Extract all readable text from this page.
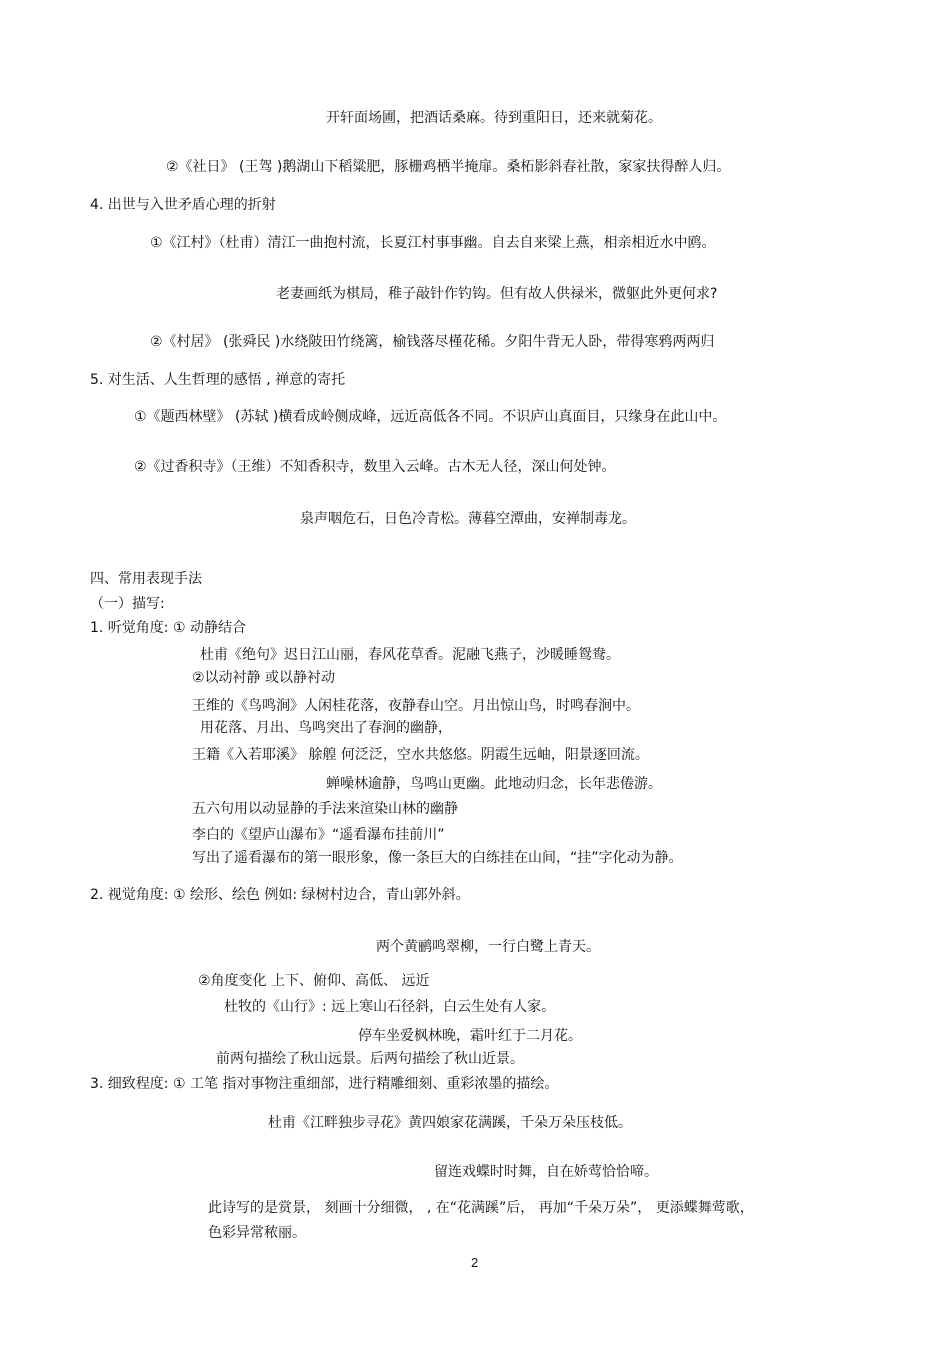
开轩面场圃，把酒话桑麻。待到重阳日，还来就菊花。
②《社日》 (王驾 )鹅湖山下稻粱肥，豚栅鸡栖半掩扉。桑柘影斜春社散，家家扶得醉人归。
4. 出世与入世矛盾心理的折射
①《江村》（杜甫）清江一曲抱村流，长夏江村事事幽。自去自来梁上燕，相亲相近水中鸥。
老妻画纸为棋局，稚子敲针作钓钩。但有故人供禄米，微躯此外更何求?
②《村居》 (张舜民 )水绕陂田竹绕篱，榆钱落尽槿花稀。夕阳牛背无人卧，带得寒鸦两两归
5. 对生活、人生哲理的感悟 , 禅意的寄托
①《题西林壁》 (苏轼 )横看成岭侧成峰，远近高低各不同。不识庐山真面目，只缘身在此山中。
②《过香积寺》（王维）不知香积寺，数里入云峰。古木无人径，深山何处钟。
泉声咽危石，日色冷青松。薄暮空潭曲，安禅制毒龙。
四、常用表现手法
（一）描写:
1. 听觉角度: ① 动静结合
杜甫《绝句》迟日江山丽，春风花草香。泥融飞燕子，沙暖睡鸳鸯。
②以动衬静 或以静衬动
王维的《鸟鸣涧》人闲桂花落，夜静春山空。月出惊山鸟，时鸣春涧中。
用花落、月出、鸟鸣突出了春涧的幽静，
王籍《入若耶溪》 艅艎 何泛泛，空水共悠悠。阴霞生远岫，阳景逐回流。
蝉噪林逾静，鸟鸣山更幽。此地动归念，长年悲倦游。
五六句用以动显静的手法来渲染山林的幽静
李白的《望庐山瀑布》“遥看瀑布挂前川”
写出了遥看瀑布的第一眼形象，像一条巨大的白练挂在山间，“挂”字化动为静。
2. 视觉角度: ① 绘形、绘色 例如: 绿树村边合，青山郭外斜。
两个黄鹂鸣翠柳，一行白鹭上青天。
②角度变化 上下、俯仰、高低、 远近
杜牧的《山行》: 远上寒山石径斜，白云生处有人家。
停车坐爱枫林晚，霜叶红于二月花。
前两句描绘了秋山远景。后两句描绘了秋山近景。
3. 细致程度: ① 工笔 指对事物注重细部，进行精雕细刻、重彩浓墨的描绘。
杜甫《江畔独步寻花》黄四娘家花满蹊，千朵万朵压枝低。
留连戏蝶时时舞，自在娇莺恰恰啼。
此诗写的是赏景， 刻画十分细微， , 在“花满蹊”后， 再加“千朵万朵”， 更添蝶舞莺歌，
色彩异常秾丽。
2
